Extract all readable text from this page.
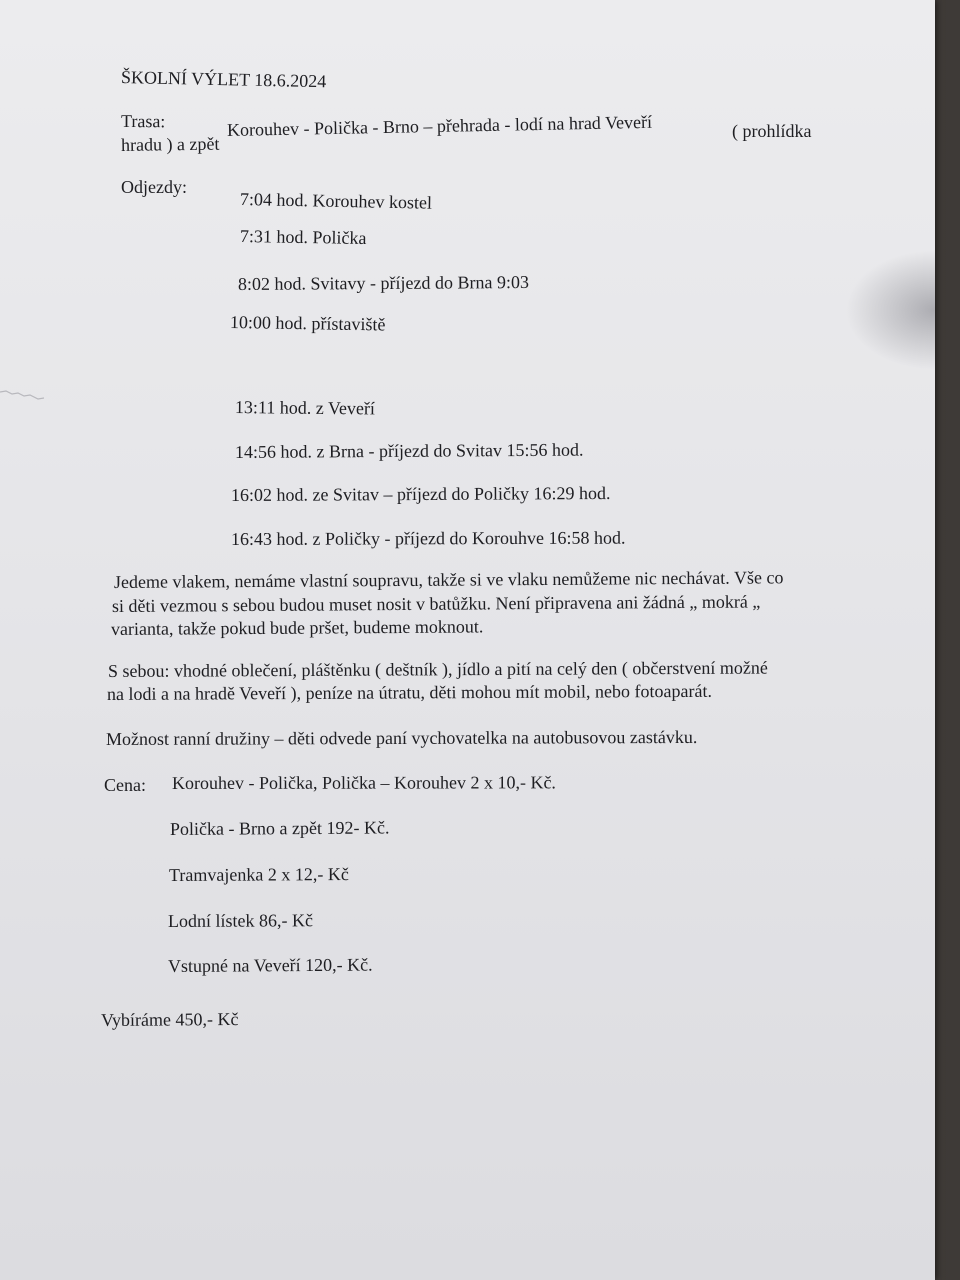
ŠKOLNÍ VÝLET 18.6.2024
Trasa:	Korouhev - Polička - Brno – přehrada - lodí na hrad Veveří	( prohlídka
hradu ) a zpět
Odjezdy:
7:04 hod. Korouhev kostel
7:31 hod. Polička
8:02 hod. Svitavy - příjezd do Brna 9:03
10:00 hod. přístaviště
13:11 hod. z Veveří
14:56 hod. z Brna - příjezd do Svitav 15:56 hod.
16:02 hod. ze Svitav – příjezd do Poličky 16:29 hod.
16:43 hod. z Poličky - příjezd do Korouhve 16:58 hod.
Jedeme vlakem, nemáme vlastní soupravu, takže si ve vlaku nemůžeme nic nechávat. Vše co
si děti vezmou s sebou budou muset nosit v batůžku. Není připravena ani žádná „ mokrá „
varianta, takže pokud bude pršet, budeme moknout.
S sebou: vhodné oblečení, pláštěnku ( deštník ), jídlo a pití na celý den ( občerstvení možné
na lodi a na hradě Veveří ), peníze na útratu, děti mohou mít mobil, nebo fotoaparát.
Možnost ranní družiny – děti odvede paní vychovatelka na autobusovou zastávku.
Cena: Korouhev - Polička, Polička – Korouhev 2 x 10,- Kč.
Polička - Brno a zpět 192- Kč.
Tramvajenka 2 x 12,- Kč
Lodní lístek 86,- Kč
Vstupné na Veveří 120,- Kč.
Vybíráme 450,- Kč
